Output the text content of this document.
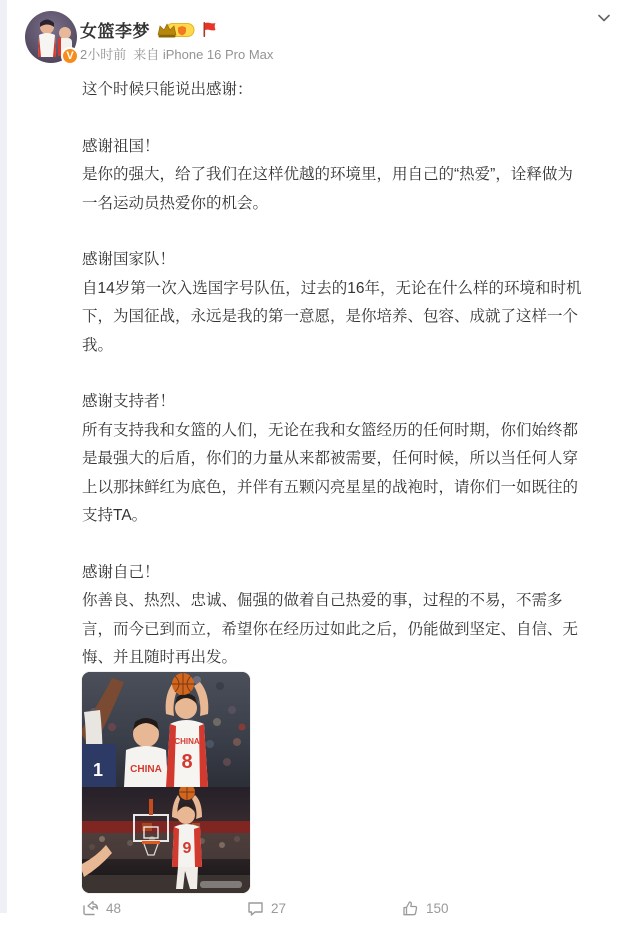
V
女篮李梦
2小时前 来自 iPhone 16 Pro Max
这个时候只能说出感谢：
感谢祖国！
是你的强大，给了我们在这样优越的环境里，用自己的“热爱”，诠释做为一名运动员热爱你的机会。
感谢国家队！
自14岁第一次入选国字号队伍，过去的16年，无论在什么样的环境和时机下，为国征战，永远是我的第一意愿，是你培养、包容、成就了这样一个我。
感谢支持者！
所有支持我和女篮的人们，无论在我和女篮经历的任何时期，你们始终都是最强大的后盾，你们的力量从来都被需要，任何时候，所以当任何人穿上以那抹鲜红为底色，并伴有五颗闪亮星星的战袍时，请你们一如既往的支持TA。
感谢自己！
你善良、热烈、忠诚、倔强的做着自己热爱的事，过程的不易，不需多言，而今已到而立，希望你在经历过如此之后，仍能做到坚定、自信、无悔、并且随时再出发。
1	CHINA
CHINA
8
9
48	27	150
